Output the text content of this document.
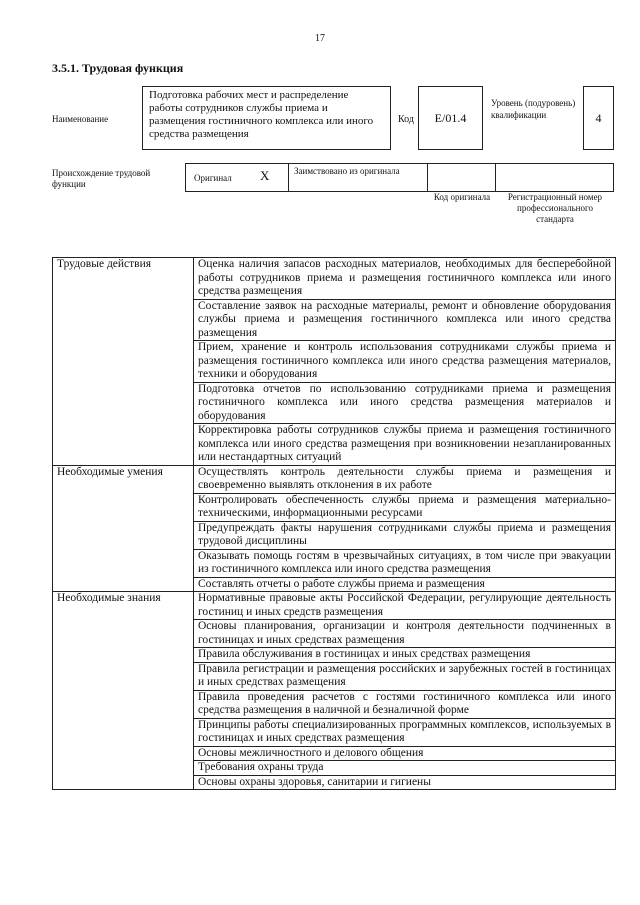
17
3.5.1. Трудовая функция
Наименование
Подготовка рабочих мест и распределение работы сотрудников службы приема и размещения гостиничного комплекса или иного средства размещения
Код	Е/01.4
Уровень (подуровень) квалификации	4
Происхождение трудовой функции
Оригинал Х	Заимствовано из оригинала
Код оригинала	Регистрационный номер профессионального стандарта
Трудовые действия	Оценка наличия запасов расходных материалов, необходимых для бесперебойной работы сотрудников приема и размещения гостиничного комплекса или иного средства размещения
	Составление заявок на расходные материалы, ремонт и обновление оборудования службы приема и размещения гостиничного комплекса или иного средства размещения
	Прием, хранение и контроль использования сотрудниками службы приема и размещения гостиничного комплекса или иного средства размещения материалов, техники и оборудования
	Подготовка отчетов по использованию сотрудниками приема и размещения гостиничного комплекса или иного средства размещения материалов и оборудования
	Корректировка работы сотрудников службы приема и размещения гостиничного комплекса или иного средства размещения при возникновении незапланированных или нестандартных ситуаций
Необходимые умения	Осуществлять контроль деятельности службы приема и размещения и своевременно выявлять отклонения в их работе
	Контролировать обеспеченность службы приема и размещения материально-техническими, информационными ресурсами
	Предупреждать факты нарушения сотрудниками службы приема и размещения трудовой дисциплины
	Оказывать помощь гостям в чрезвычайных ситуациях, в том числе при эвакуации из гостиничного комплекса или иного средства размещения
	Составлять отчеты о работе службы приема и размещения
Необходимые знания	Нормативные правовые акты Российской Федерации, регулирующие деятельность гостиниц и иных средств размещения
	Основы планирования, организации и контроля деятельности подчиненных в гостиницах и иных средствах размещения
	Правила обслуживания в гостиницах и иных средствах размещения
	Правила регистрации и размещения российских и зарубежных гостей в гостиницах и иных средствах размещения
	Правила проведения расчетов с гостями гостиничного комплекса или иного средства размещения в наличной и безналичной форме
	Принципы работы специализированных программных комплексов, используемых в гостиницах и иных средствах размещения
	Основы межличностного и делового общения
	Требования охраны труда
	Основы охраны здоровья, санитарии и гигиены
